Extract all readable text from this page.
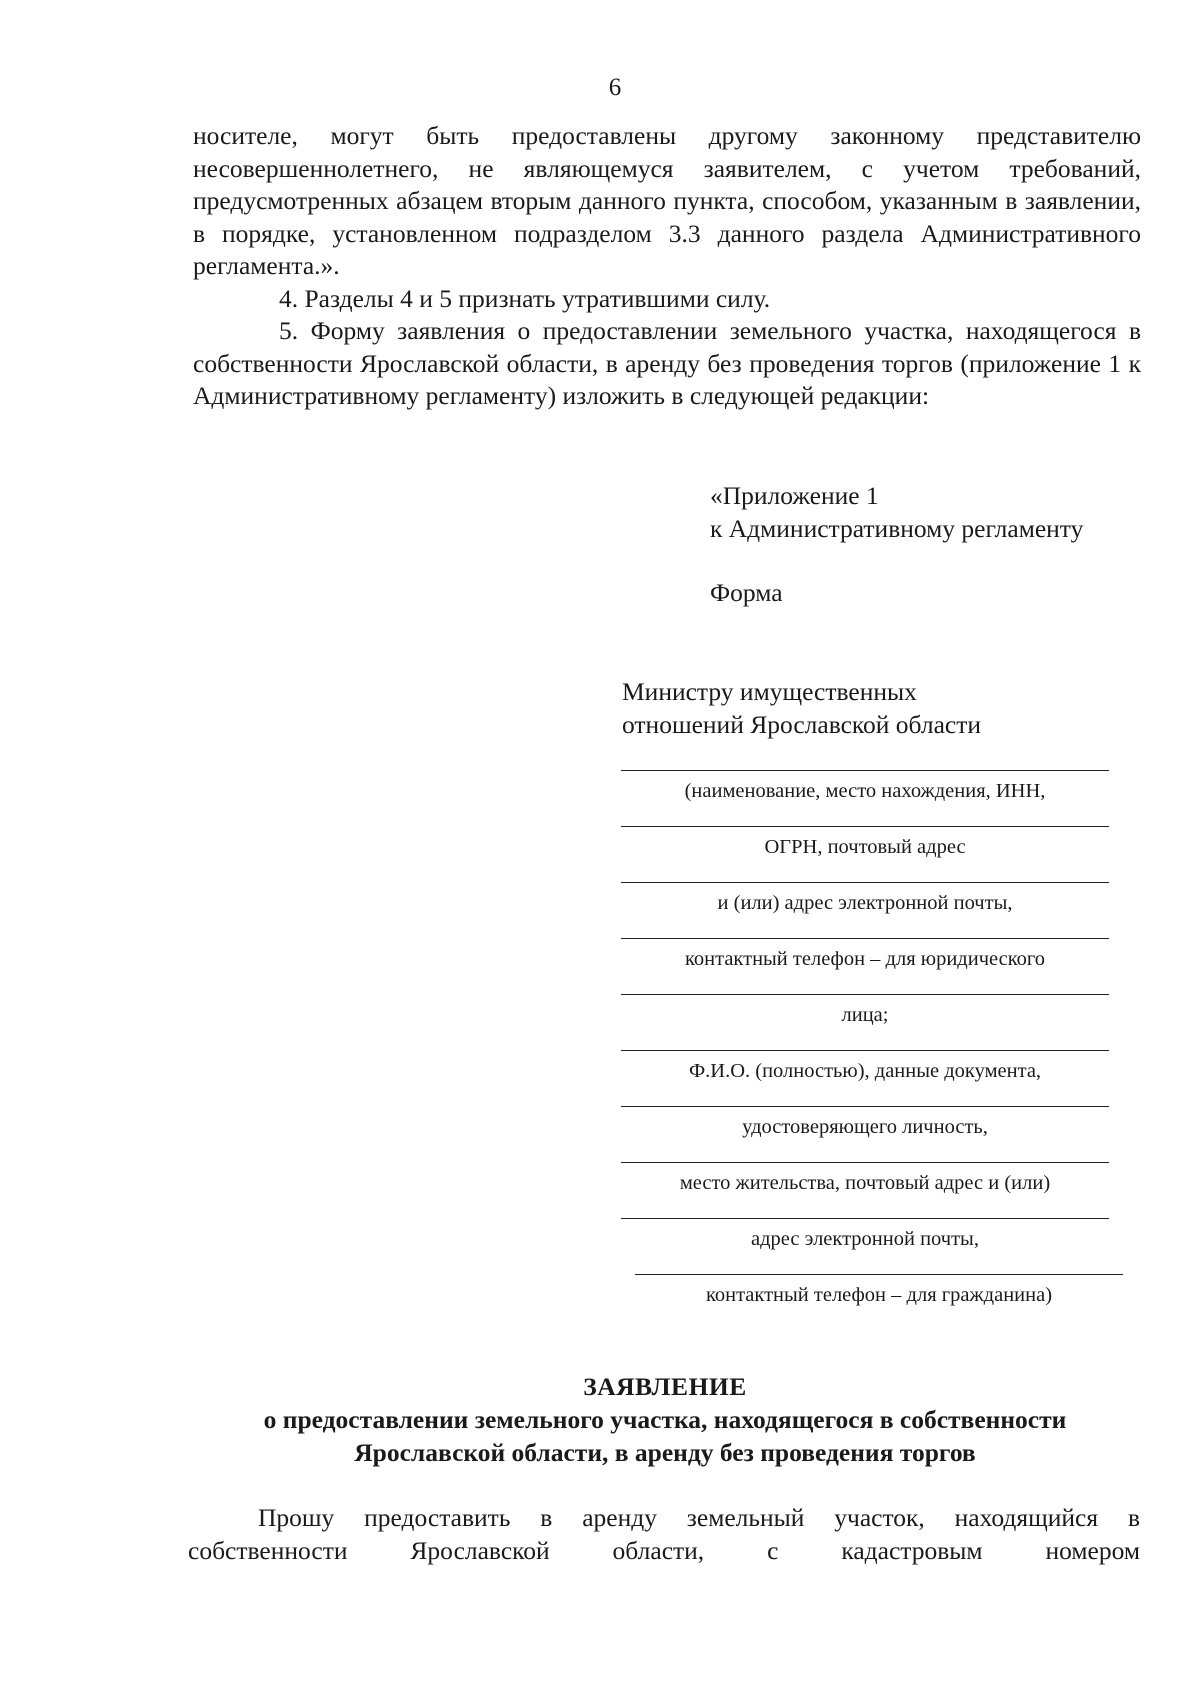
6
носителе, могут быть предоставлены другому законному представителю несовершеннолетнего, не являющемуся заявителем, с учетом требований, предусмотренных абзацем вторым данного пункта, способом, указанным в заявлении, в порядке, установленном подразделом 3.3 данного раздела Административного регламента.».
4. Разделы 4 и 5 признать утратившими силу.
5. Форму заявления о предоставлении земельного участка, находящегося в собственности Ярославской области, в аренду без проведения торгов (приложение 1 к Административному регламенту) изложить в следующей редакции:
«Приложение 1
к Административному регламенту
Форма
Министру имущественных
отношений Ярославской области
(наименование, место нахождения, ИНН,
ОГРН, почтовый адрес
и (или) адрес электронной почты,
контактный телефон – для юридического
лица;
Ф.И.О. (полностью), данные документа,
удостоверяющего личность,
место жительства, почтовый адрес и (или)
адрес электронной почты,
контактный телефон – для гражданина)
ЗАЯВЛЕНИЕ
о предоставлении земельного участка, находящегося в собственности
Ярославской области, в аренду без проведения торгов
Прошу предоставить в аренду земельный участок, находящийся в собственности Ярославской области, с кадастровым номером
